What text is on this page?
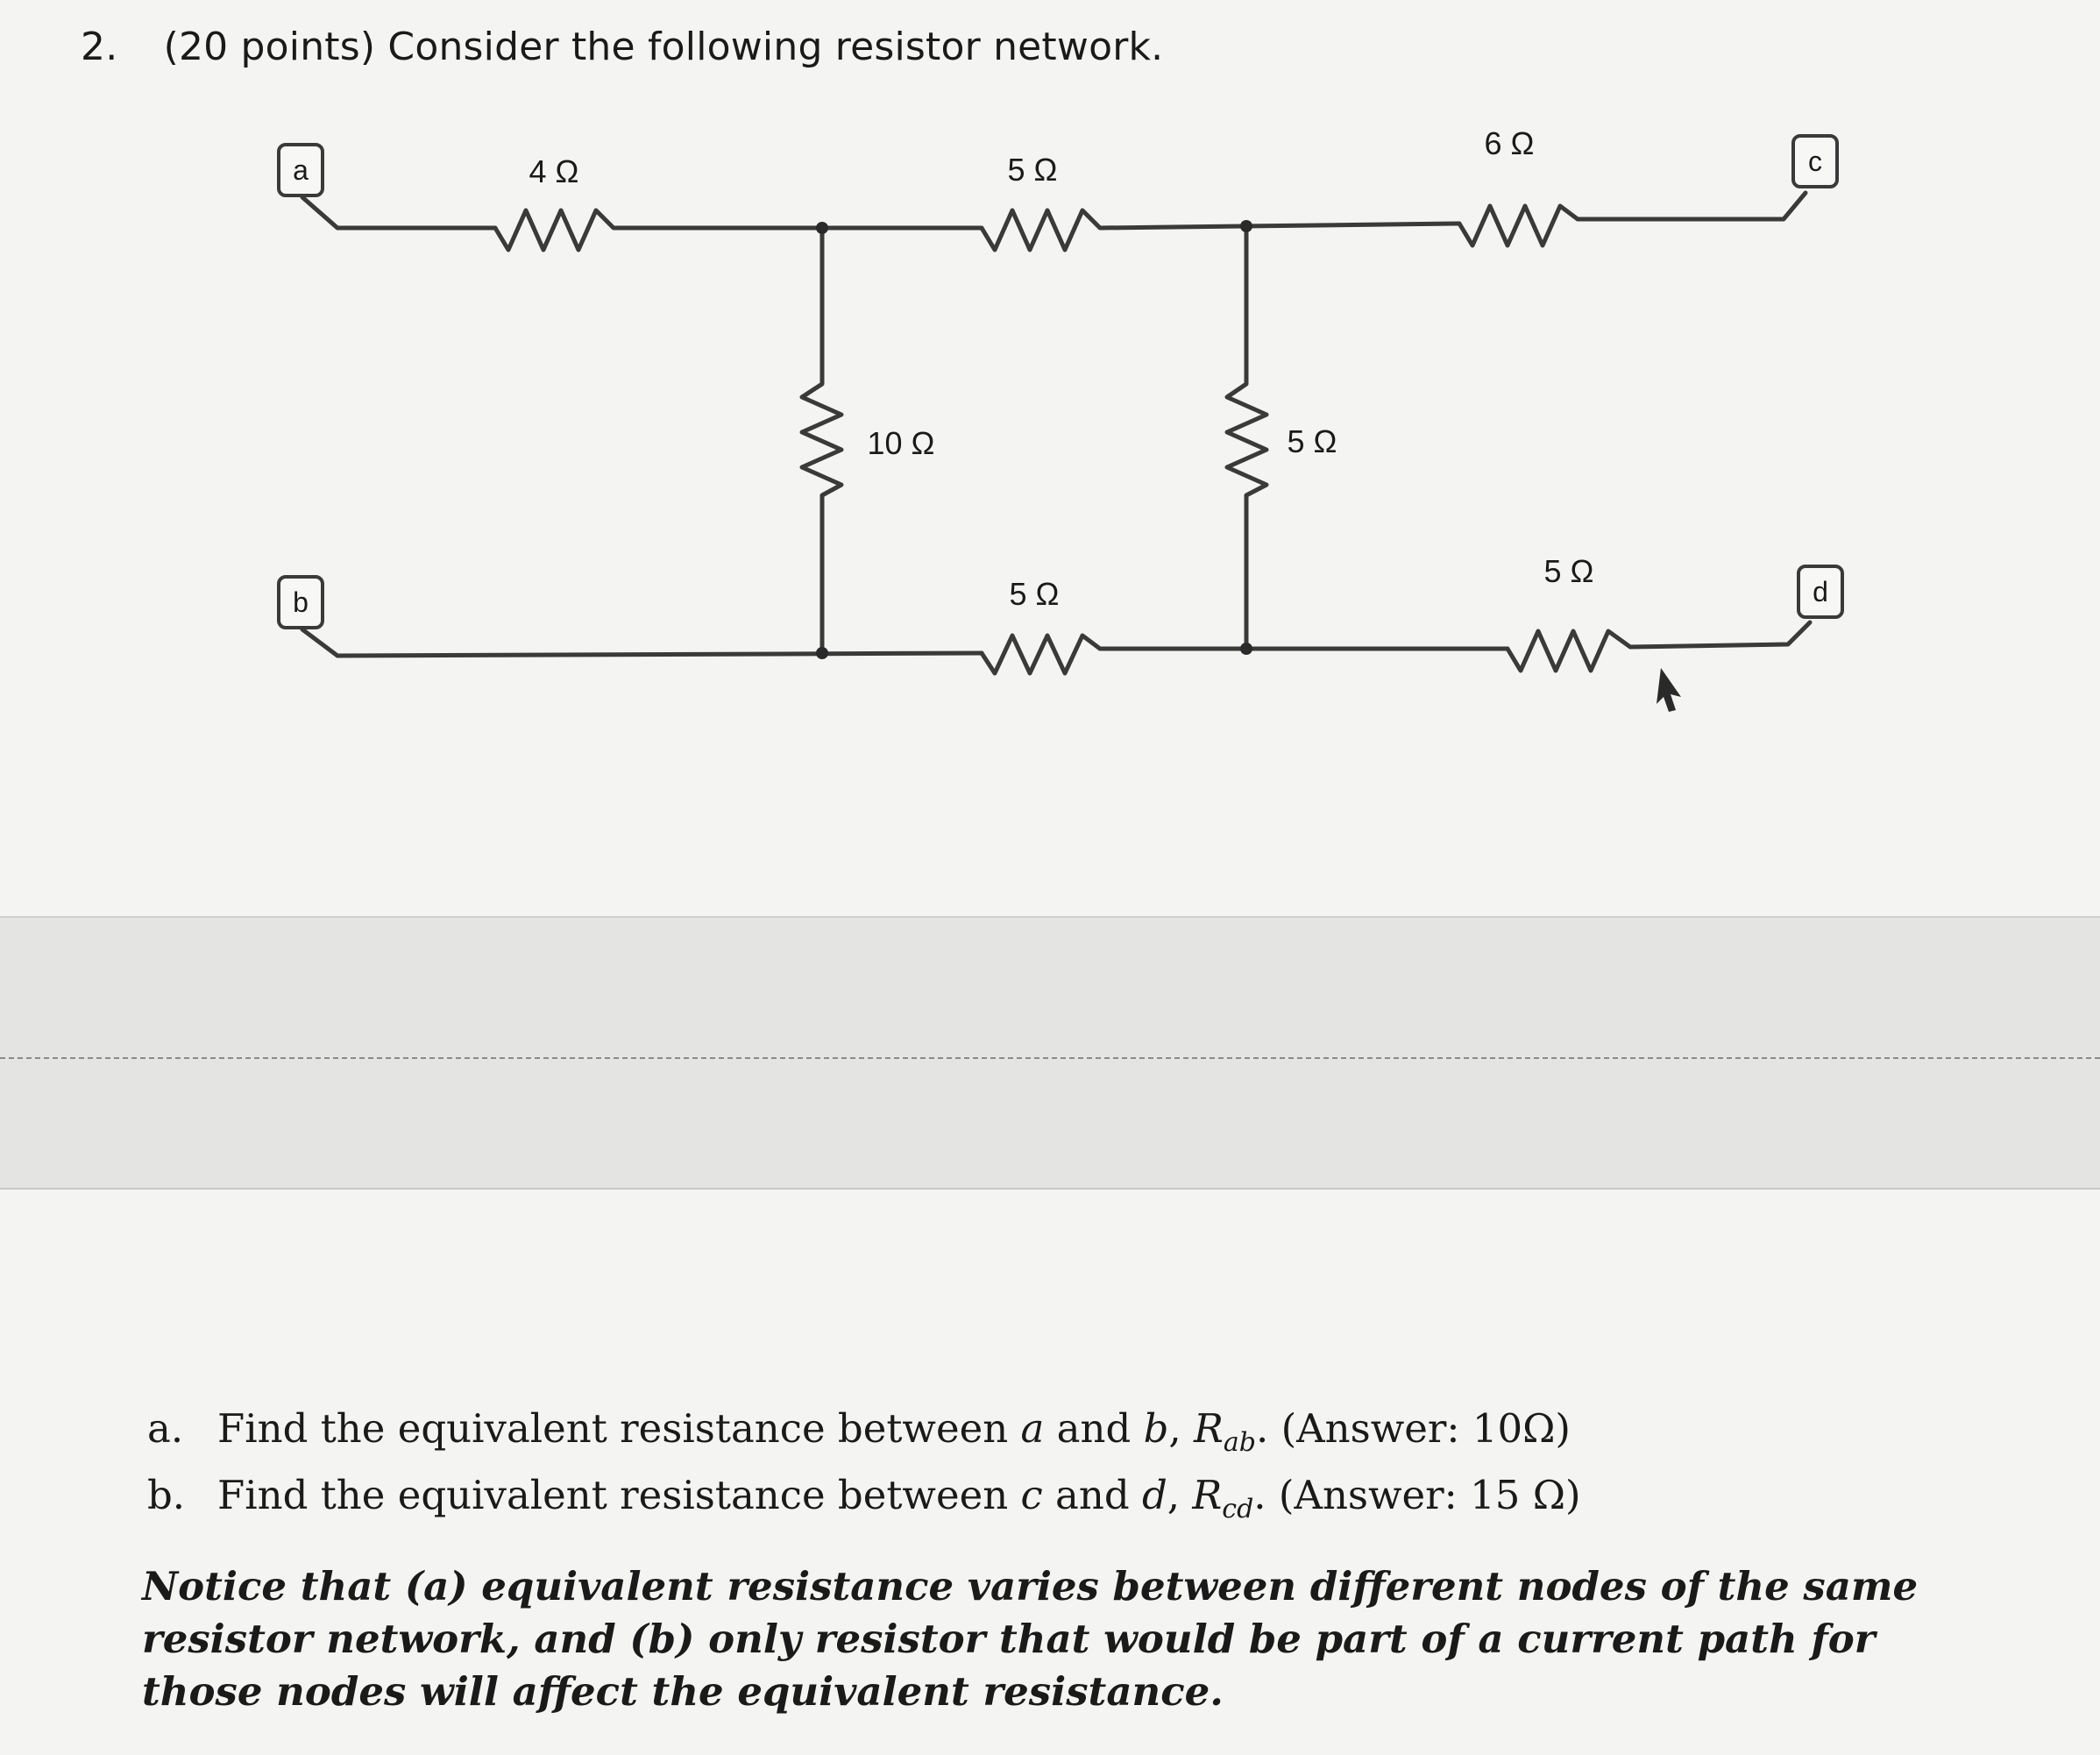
2. (20 points) Consider the following resistor network.
a
b
c
d
4 Ω	5 Ω
6 Ω
10 Ω	5 Ω
5 Ω
5 Ω
a. Find the equivalent resistance between a and b, $R_{ab}$. (Answer: 10Ω)
b. Find the equivalent resistance between c and d, $R_{cd}$. (Answer: 15 Ω)
Notice that (a) equivalent resistance varies between different nodes of the same resistor network, and (b) only resistor that would be part of a current path for those nodes will affect the equivalent resistance.
